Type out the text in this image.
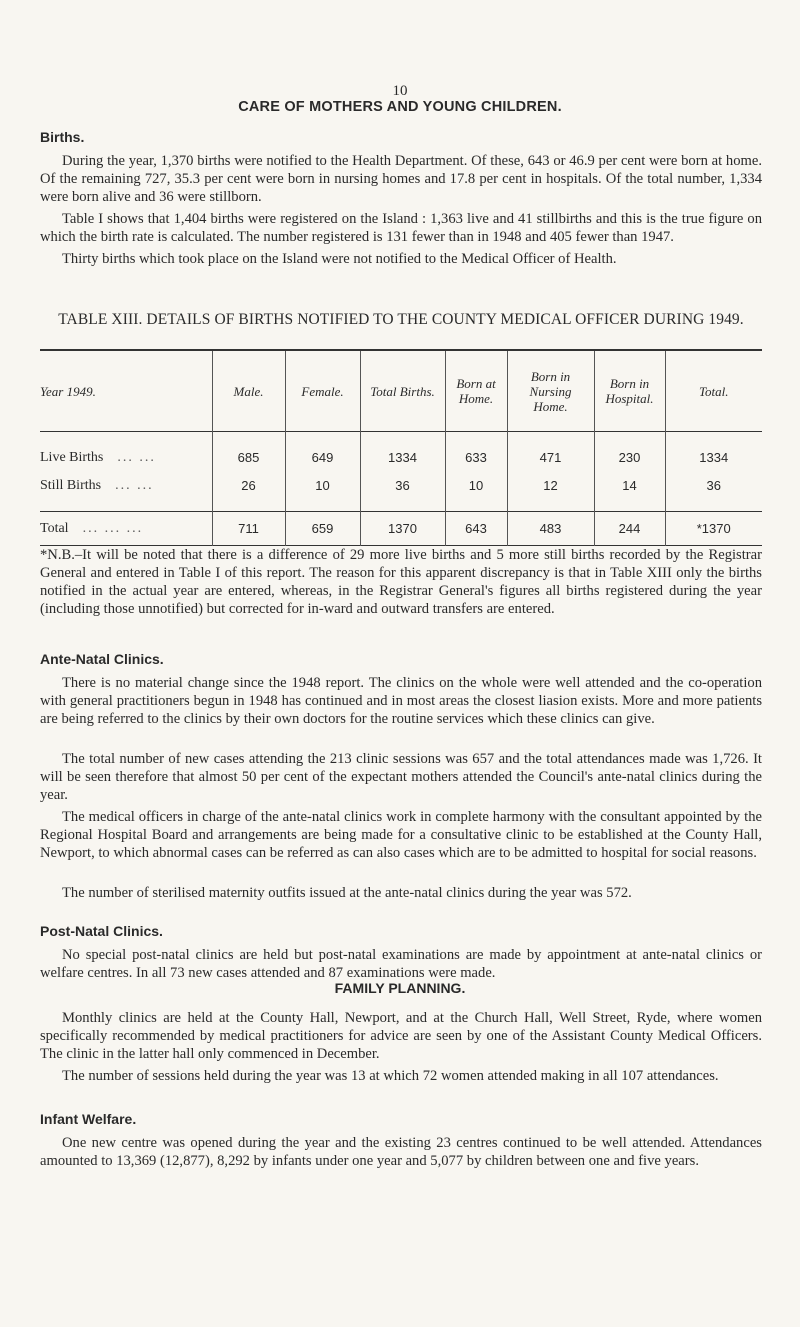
10
CARE OF MOTHERS AND YOUNG CHILDREN.
Births.

During the year, 1,370 births were notified to the Health Department. Of these, 643 or 46.9 per cent were born at home. Of the remaining 727, 35.3 per cent were born in nursing homes and 17.8 per cent in hospitals. Of the total number, 1,334 were born alive and 36 were stillborn.

Table I shows that 1,404 births were registered on the Island : 1,363 live and 41 stillbirths and this is the true figure on which the birth rate is calculated. The number registered is 131 fewer than in 1948 and 405 fewer than 1947.

Thirty births which took place on the Island were not notified to the Medical Officer of Health.

TABLE XIII. DETAILS OF BIRTHS NOTIFIED TO THE COUNTY MEDICAL OFFICER DURING 1949.
Year 1949.	Male.	Female.	Total Births.	Born at Home.	Born in Nursing Home.	Born in Hospital.	Total.
Live Births ... ...	685	649	1334	633	471	230	1334
Still Births ... ...	26	10	36	10	12	14	36
Total ... ... ...	711	659	1370	643	483	244	*1370

*N.B.–It will be noted that there is a difference of 29 more live births and 5 more still births recorded by the Registrar General and entered in Table I of this report. The reason for this apparent discrepancy is that in Table XIII only the births notified in the actual year are entered, whereas, in the Registrar General's figures all births registered during the year (including those unnotified) but corrected for in-ward and outward transfers are entered.

Ante-Natal Clinics.

There is no material change since the 1948 report. The clinics on the whole were well attended and the co-operation with general practitioners begun in 1948 has continued and in most areas the closest liasion exists. More and more patients are being referred to the clinics by their own doctors for the routine services which these clinics can give.

The total number of new cases attending the 213 clinic sessions was 657 and the total attendances made was 1,726. It will be seen therefore that almost 50 per cent of the expectant mothers attended the Council's ante-natal clinics during the year.

The medical officers in charge of the ante-natal clinics work in complete harmony with the consultant appointed by the Regional Hospital Board and arrangements are being made for a consultative clinic to be established at the County Hall, Newport, to which abnormal cases can be referred as can also cases which are to be admitted to hospital for social reasons.

The number of sterilised maternity outfits issued at the ante-natal clinics during the year was 572.

Post-Natal Clinics.

No special post-natal clinics are held but post-natal examinations are made by appointment at ante-natal clinics or welfare centres. In all 73 new cases attended and 87 examinations were made.

FAMILY PLANNING.

Monthly clinics are held at the County Hall, Newport, and at the Church Hall, Well Street, Ryde, where women specifically recommended by medical practitioners for advice are seen by one of the Assistant County Medical Officers. The clinic in the latter hall only commenced in December.

The number of sessions held during the year was 13 at which 72 women attended making in all 107 attendances.

Infant Welfare.

One new centre was opened during the year and the existing 23 centres continued to be well attended. Attendances amounted to 13,369 (12,877), 8,292 by infants under one year and 5,077 by children between one and five years.
